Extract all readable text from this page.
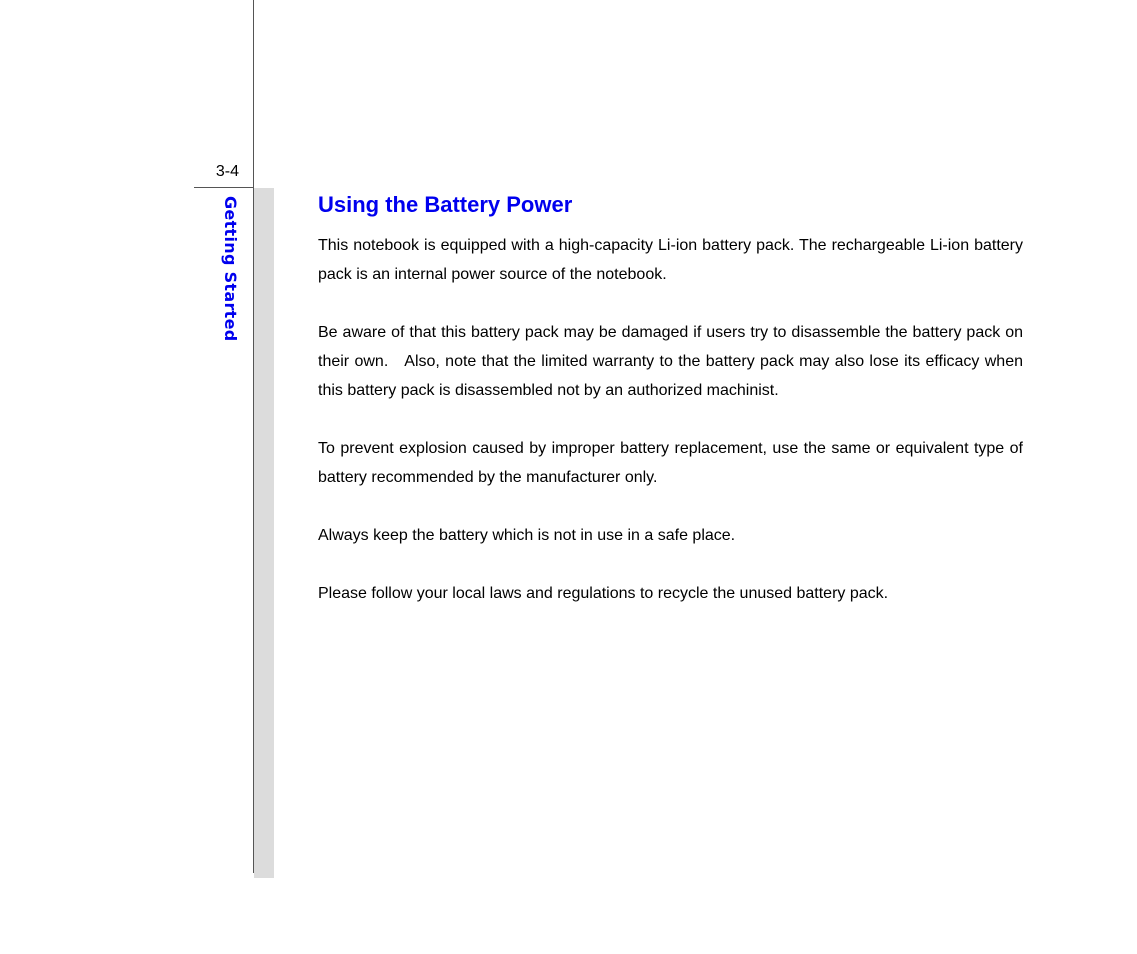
3-4
Getting Started	Using the Battery Power

This notebook is equipped with a high-capacity Li-ion battery pack. The rechargeable Li-ion battery pack is an internal power source of the notebook.

Be aware of that this battery pack may be damaged if users try to disassemble the battery pack on their own.   Also, note that the limited warranty to the battery pack may also lose its efficacy when this battery pack is disassembled not by an authorized machinist.

To prevent explosion caused by improper battery replacement, use the same or equivalent type of battery recommended by the manufacturer only.

Always keep the battery which is not in use in a safe place.

Please follow your local laws and regulations to recycle the unused battery pack.
